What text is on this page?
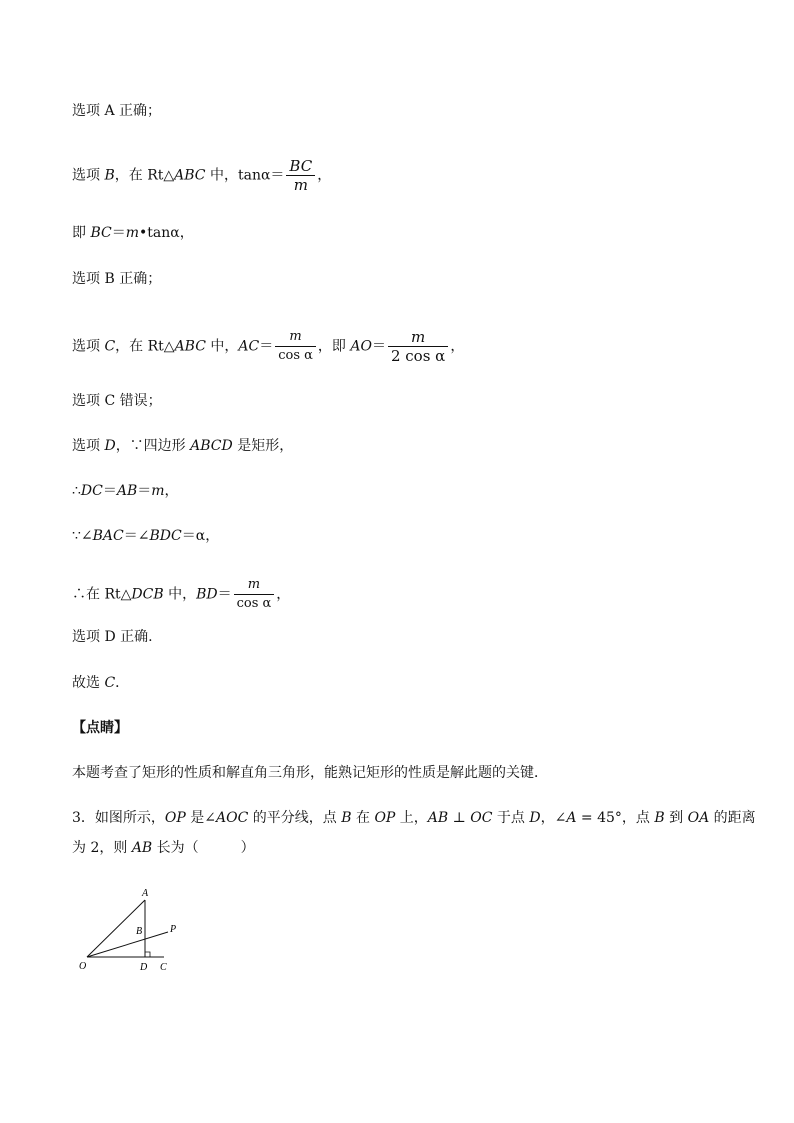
选项 A 正确；
选项 B，在 Rt△ABC 中，$\tan\alpha= \frac{BC}{m}$ ，
即 BC＝m•tanα，
选项 B 正确；
选项 C，在 Rt△ABC 中，$AC= \frac{m}{\text{cos α}}$ ，即 $AO= \frac{m}{\text{2 cos α}}$ ，
选项 C 错误；
选项 D，∵四边形 ABCD 是矩形，
∴DC＝AB＝m，
∵∠BAC＝∠BDC＝α，
∴在 Rt△DCB 中，$BD= \frac{m}{\text{cos α}}$ ，
选项 D 正确.
故选 C．
【点睛】
本题考查了矩形的性质和解直角三角形，能熟记矩形的性质是解此题的关键．
3．如图所示，OP 是∠AOC 的平分线，点 B 在 OP 上，AB ⊥ OC 于点 D，∠A = 45°，点 B 到 OA 的距离
为 2，则 AB 长为（　　　）
A
B	P
O	D C
